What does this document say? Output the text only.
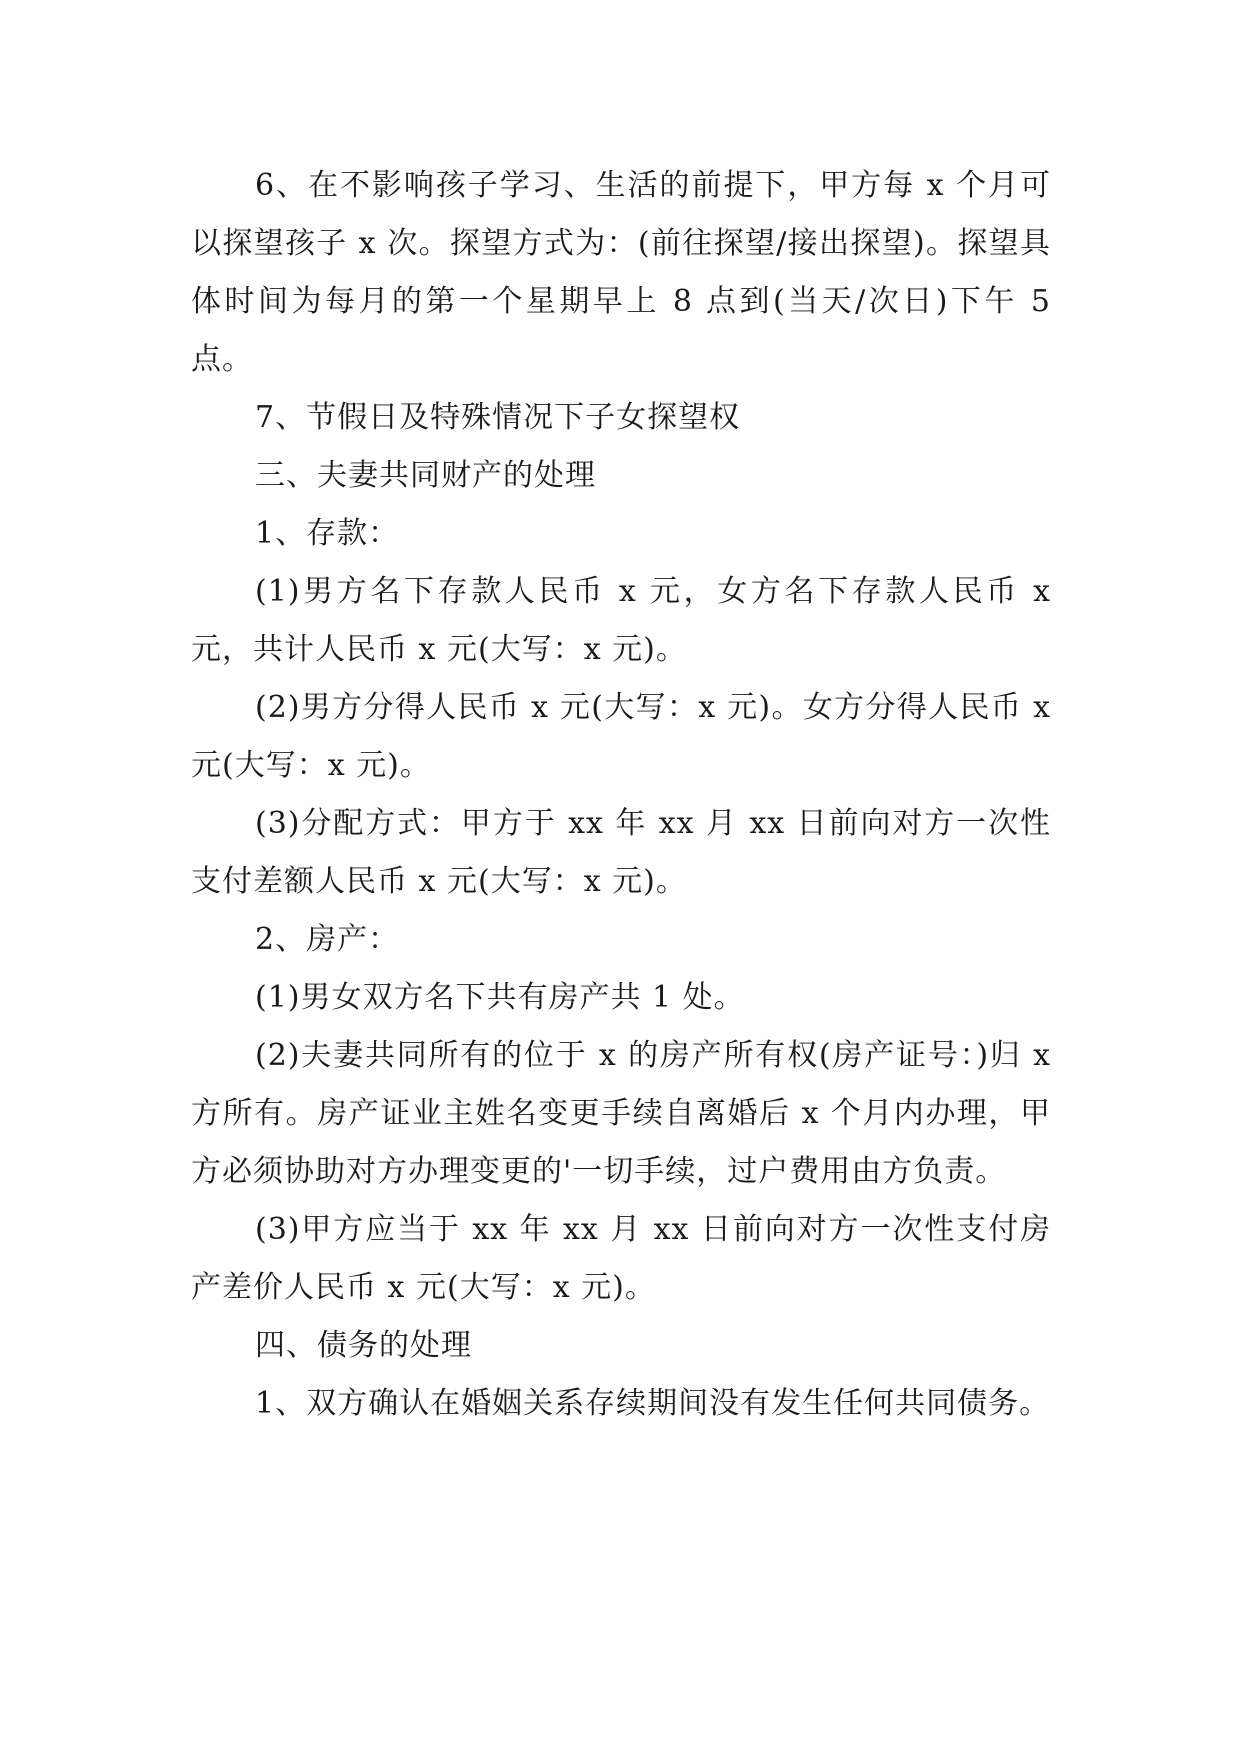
6、在不影响孩子学习、生活的前提下，甲方每 x 个月可以探望孩子 x 次。探望方式为：(前往探望/接出探望)。探望具体时间为每月的第一个星期早上 8 点到(当天/次日)下午 5 点。

7、节假日及特殊情况下子女探望权

三、夫妻共同财产的处理

1、存款：

(1)男方名下存款人民币 x 元，女方名下存款人民币 x 元，共计人民币 x 元(大写：x 元)。

(2)男方分得人民币 x 元(大写：x 元)。女方分得人民币 x 元(大写：x 元)。

(3)分配方式：甲方于 xx 年 xx 月 xx 日前向对方一次性支付差额人民币 x 元(大写：x 元)。

2、房产：

(1)男女双方名下共有房产共 1 处。

(2)夫妻共同所有的位于 x 的房产所有权(房产证号：)归 x 方所有。房产证业主姓名变更手续自离婚后 x 个月内办理，甲方必须协助对方办理变更的'一切手续，过户费用由方负责。

(3)甲方应当于 xx 年 xx 月 xx 日前向对方一次性支付房产差价人民币 x 元(大写：x 元)。

四、债务的处理

1、双方确认在婚姻关系存续期间没有发生任何共同债务。
